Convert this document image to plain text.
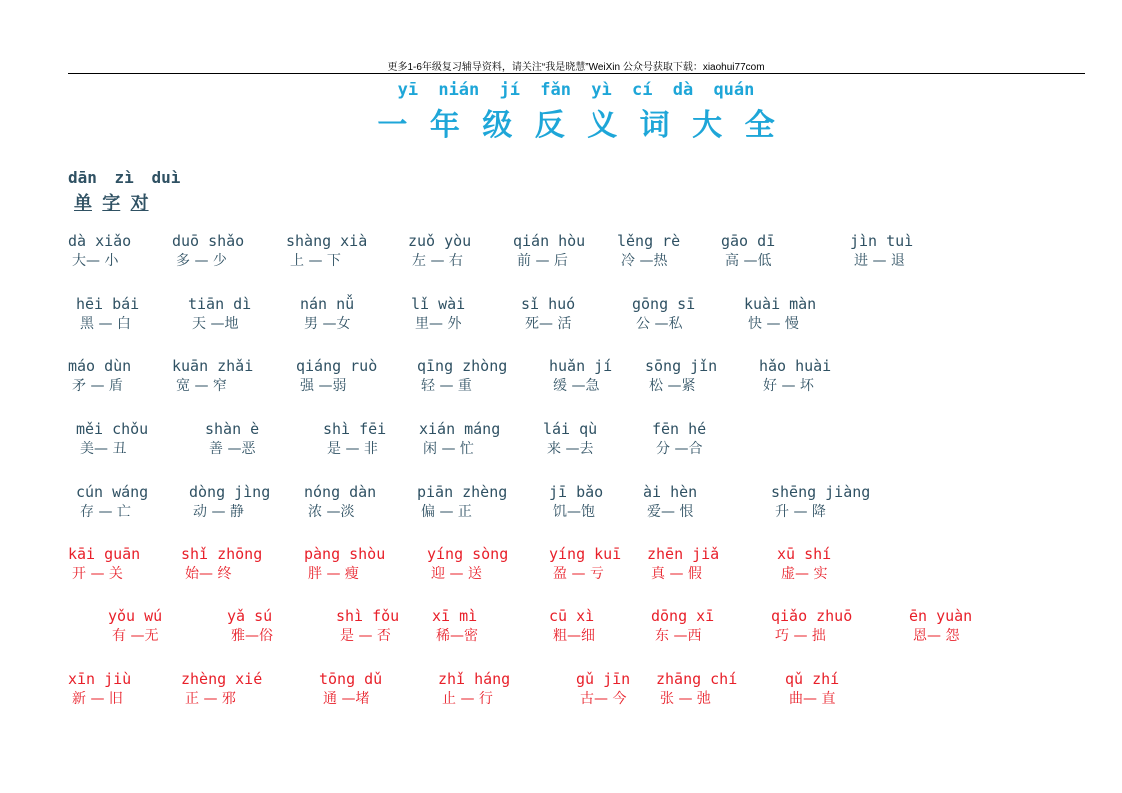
更多1-6年级复习辅导资料，请关注“我是晓慧”WeiXin 公众号获取下载：xiaohui77com
yī nián jí fǎn yì cí dà quán
一 年 级 反 义 词 大 全
dān zì duì
单 字 对
dà xiǎo
大— 小
duō shǎo
多 — 少
shàng xià
上 — 下
zuǒ yòu
左 — 右
qián hòu
前 — 后
lěng rè
冷 —热
gāo dī
高 —低
jìn tuì
进 — 退
hēi bái
黑 — 白
tiān dì
天 —地
nán nǚ
男 —女
lǐ wài
里— 外
sǐ huó
死— 活
gōng sī
公 —私
kuài màn
快 — 慢
máo dùn
矛 — 盾
kuān zhǎi
宽 — 窄
qiáng ruò
强 —弱
qīng zhòng
轻 — 重
huǎn jí
缓 —急
sōng jǐn
松 —紧
hǎo huài
好 — 坏
měi chǒu
美— 丑
shàn è
善 —恶
shì fēi
是 — 非
xián máng
闲 — 忙
lái qù
来 —去
fēn hé
分 —合
cún wáng
存 — 亡
dòng jìng
动 — 静
nóng dàn
浓 —淡
piān zhèng
偏 — 正
jī bǎo
饥—饱
ài hèn
爱— 恨
shēng jiàng
升 — 降
kāi guān
开 — 关
shǐ zhōng
始— 终
pàng shòu
胖 — 瘦
yíng sòng
迎 — 送
yíng kuī
盈 — 亏
zhēn jiǎ
真 — 假
xū shí
虚— 实
yǒu wú
有 —无
yǎ sú
雅—俗
shì fǒu
是 — 否
xī mì
稀—密
cū xì
粗—细
dōng xī
东 —西
qiǎo zhuō
巧 — 拙
ēn yuàn
恩— 怨
xīn jiù
新 — 旧
zhèng xié
正 — 邪
tōng dǔ
通 —堵
zhǐ háng
止 — 行
gǔ jīn
古— 今
zhāng chí
张 — 弛
qǔ zhí
曲— 直
